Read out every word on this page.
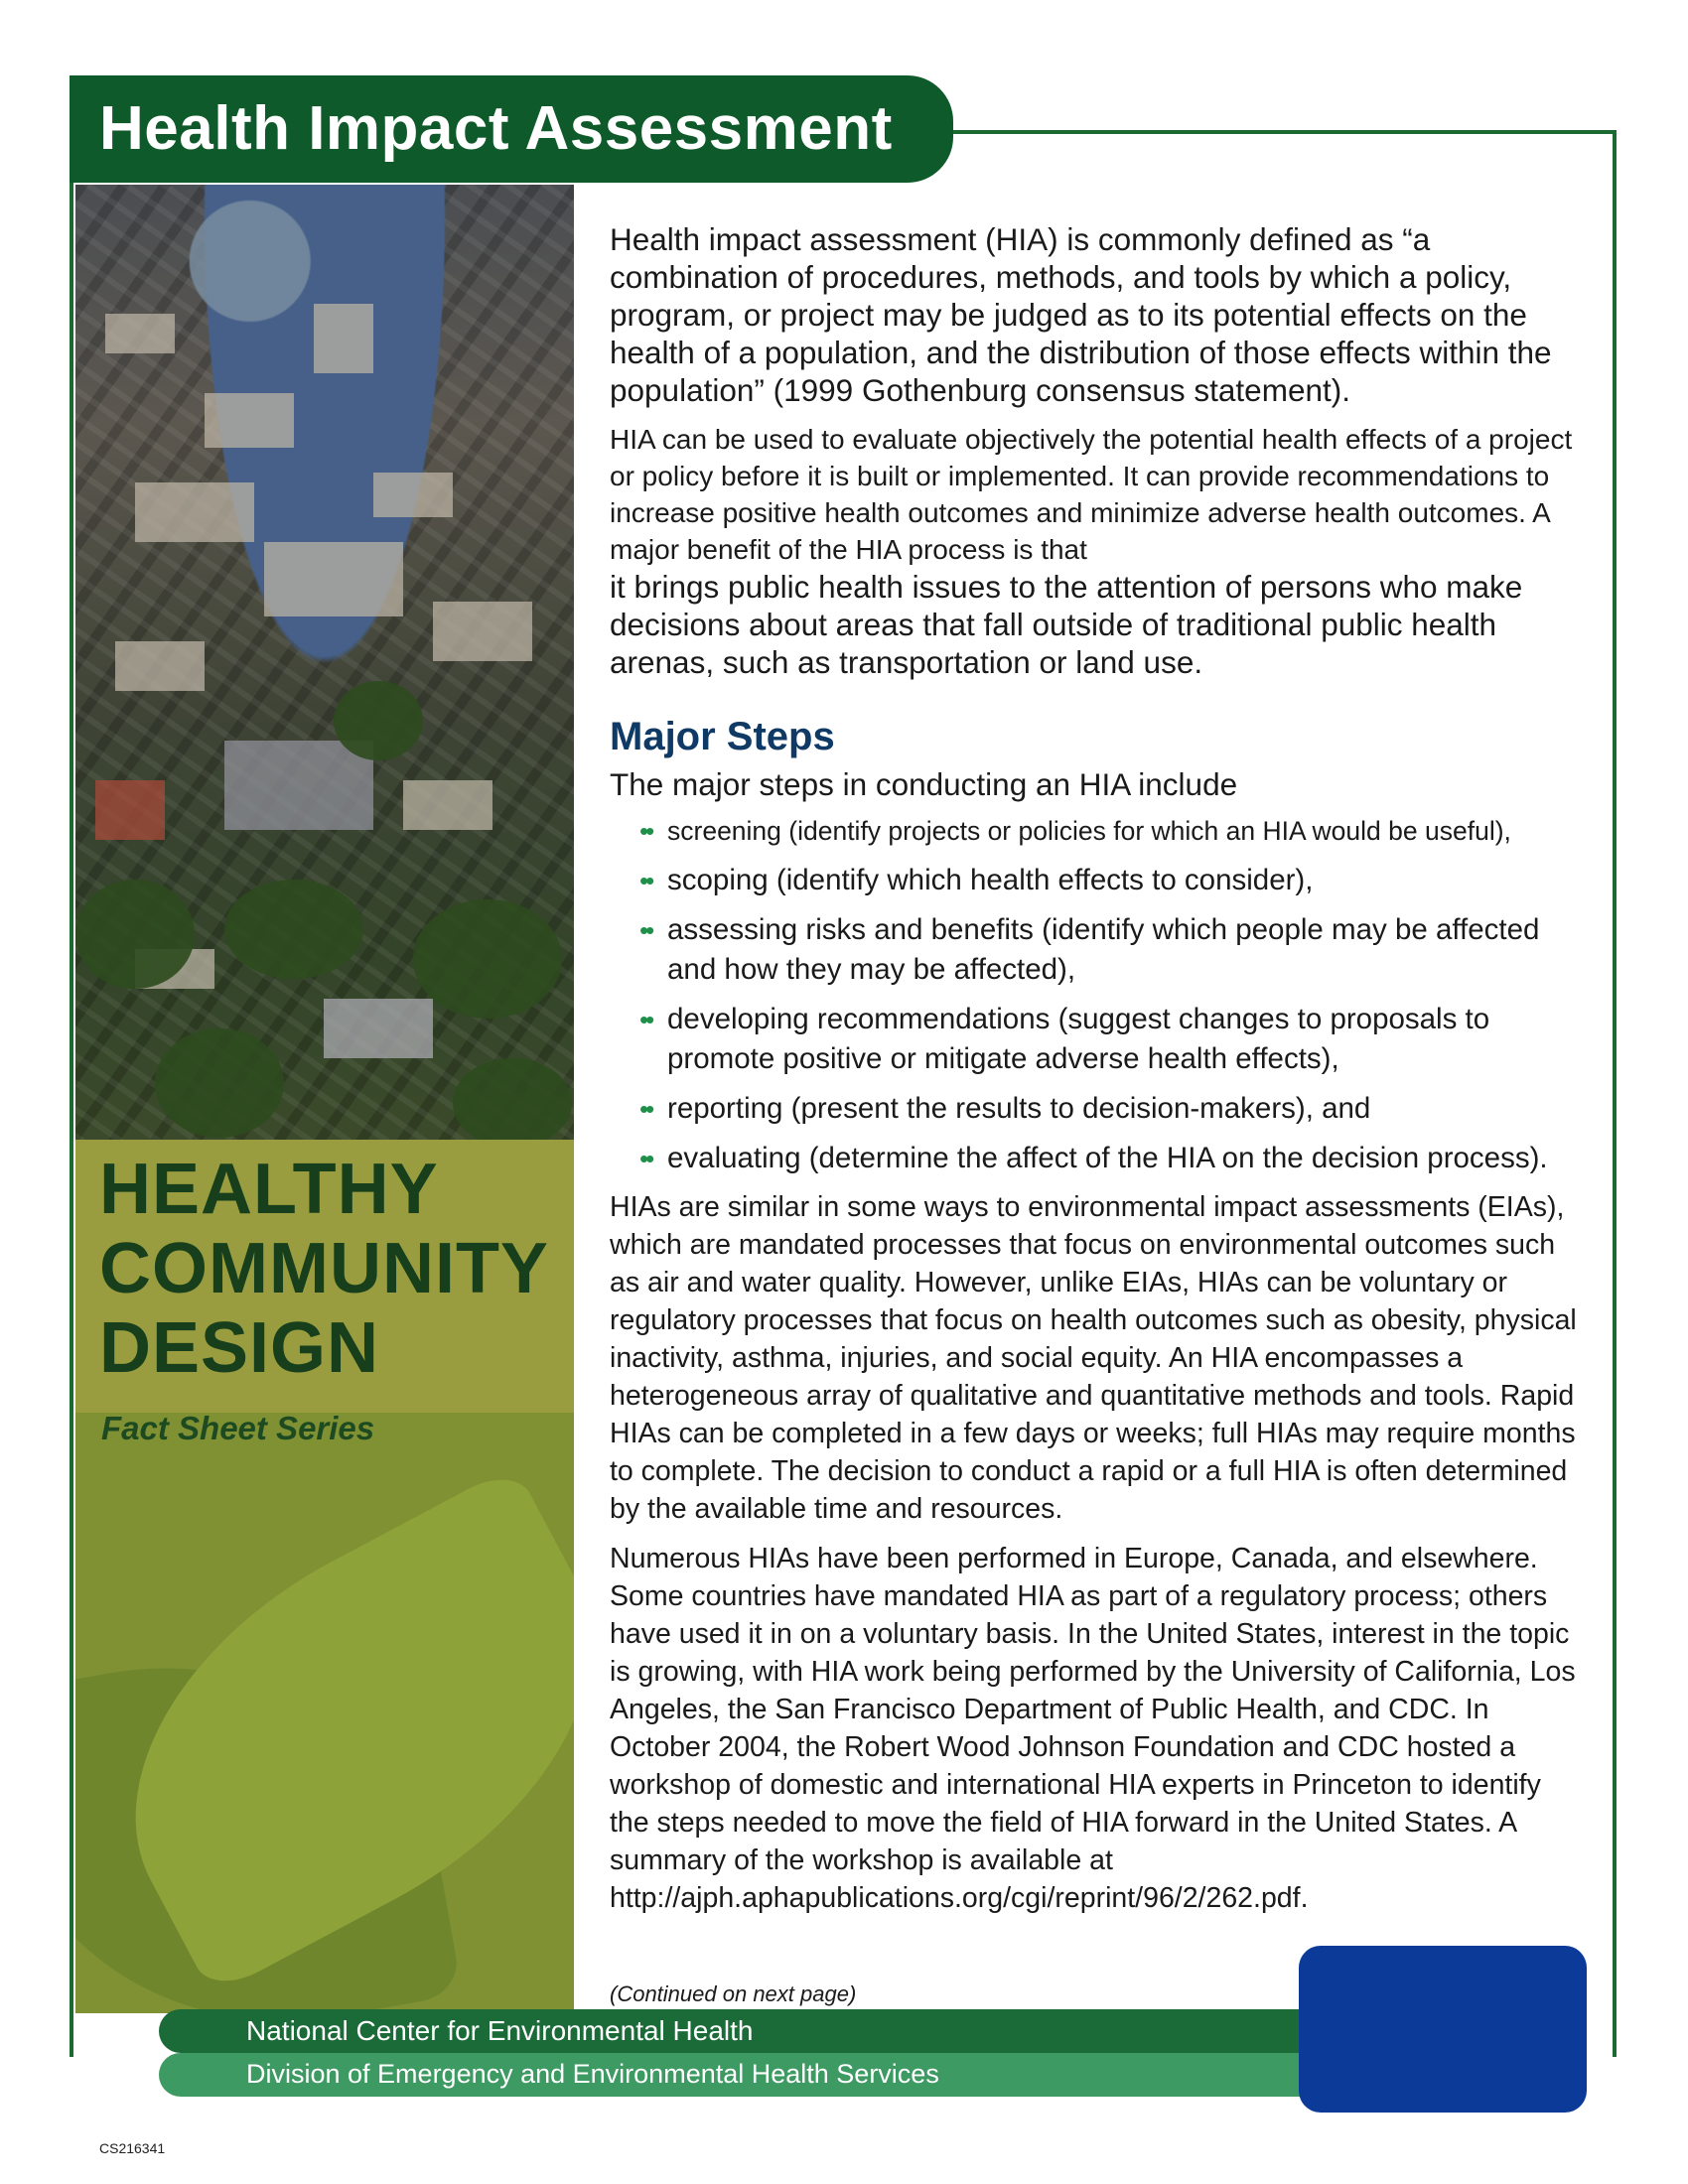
Health Impact Assessment
HEALTHY
COMMUNITY
DESIGN
Fact Sheet Series

Health impact assessment (HIA) is commonly defined as “a combination of procedures, methods, and tools by which a policy, program, or project may be judged as to its potential effects on the health of a population, and the distribution of those effects within the population” (1999 Gothenburg consensus statement).

HIA can be used to evaluate objectively the potential health effects of a project or policy before it is built or implemented. It can provide recommendations to increase positive health outcomes and minimize adverse health outcomes. A major benefit of the HIA process is that

it brings public health issues to the attention of persons who make decisions about areas that fall outside of traditional public health arenas, such as transportation or land use.

Major Steps
The major steps in conducting an HIA include
•• screening (identify projects or policies for which an HIA would be useful),
•• scoping (identify which health effects to consider),
•• assessing risks and benefits (identify which people may be affected and how they may be affected),
•• developing recommendations (suggest changes to proposals to promote positive or mitigate adverse health effects),
•• reporting (present the results to decision-makers), and
•• evaluating (determine the affect of the HIA on the decision process).

HIAs are similar in some ways to environmental impact assessments (EIAs), which are mandated processes that focus on environmental outcomes such as air and water quality. However, unlike EIAs, HIAs can be voluntary or regulatory processes that focus on health outcomes such as obesity, physical inactivity, asthma, injuries, and social equity. An HIA encompasses a heterogeneous array of qualitative and quantitative methods and tools. Rapid HIAs can be completed in a few days or weeks; full HIAs may require months to complete. The decision to conduct a rapid or a full HIA is often determined by the available time and resources.

Numerous HIAs have been performed in Europe, Canada, and elsewhere. Some countries have mandated HIA as part of a regulatory process; others have used it in on a voluntary basis. In the United States, interest in the topic is growing, with HIA work being performed by the University of California, Los Angeles, the San Francisco Department of Public Health, and CDC. In October 2004, the Robert Wood Johnson Foundation and CDC hosted a workshop of domestic and international HIA experts in Princeton to identify the steps needed to move the field of HIA forward in the United States. A summary of the workshop is available at http://ajph.aphapublications.org/cgi/reprint/96/2/262.pdf.

(Continued on next page)
National Center for Environmental Health
Division of Emergency and Environmental Health Services
CS216341
